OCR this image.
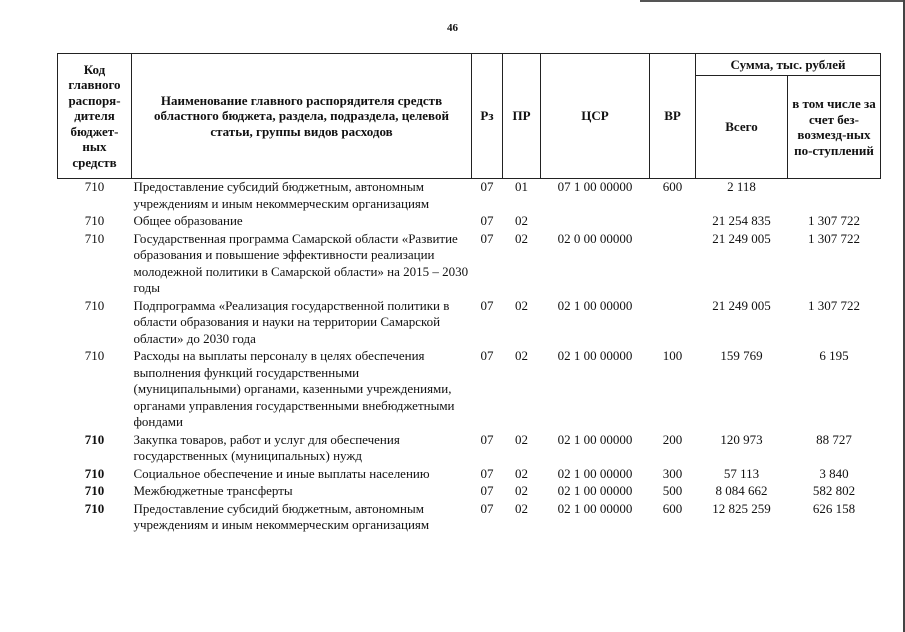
46
Код главного распоря-дителя бюджет-ных средств	Наименование главного распорядителя средств областного бюджета, раздела, подраздела, целевой статьи, группы видов расходов	Рз	ПР	ЦСР	ВР	Сумма, тыс. рублей	
						Всего	в том числе за счет без-возмезд-ных по-ступлений
710	Предоставление субсидий бюджетным, автономным учреждениям и иным некоммерческим организациям	07	01	07 1 00 00000	600	2 118	
710	Общее образование	07	02			21 254 835	1 307 722
710	Государственная программа Самарской области «Развитие образования и повышение эффективности реализации молодежной политики в Самарской области» на 2015 – 2030 годы	07	02	02 0 00 00000		21 249 005	1 307 722
710	Подпрограмма «Реализация государственной политики в области образования и науки на территории Самарской области» до 2030 года	07	02	02 1 00 00000		21 249 005	1 307 722
710	Расходы на выплаты персоналу в целях обеспечения выполнения функций государственными (муниципальными) органами, казенными учреждениями, органами управления государственными внебюджетными фондами	07	02	02 1 00 00000	100	159 769	6 195
710	Закупка товаров, работ и услуг для обеспечения государственных (муниципальных) нужд	07	02	02 1 00 00000	200	120 973	88 727
710	Социальное обеспечение и иные выплаты населению	07	02	02 1 00 00000	300	57 113	3 840
710	Межбюджетные трансферты	07	02	02 1 00 00000	500	8 084 662	582 802
710	Предоставление субсидий бюджетным, автономным учреждениям и иным некоммерческим организациям	07	02	02 1 00 00000	600	12 825 259	626 158
